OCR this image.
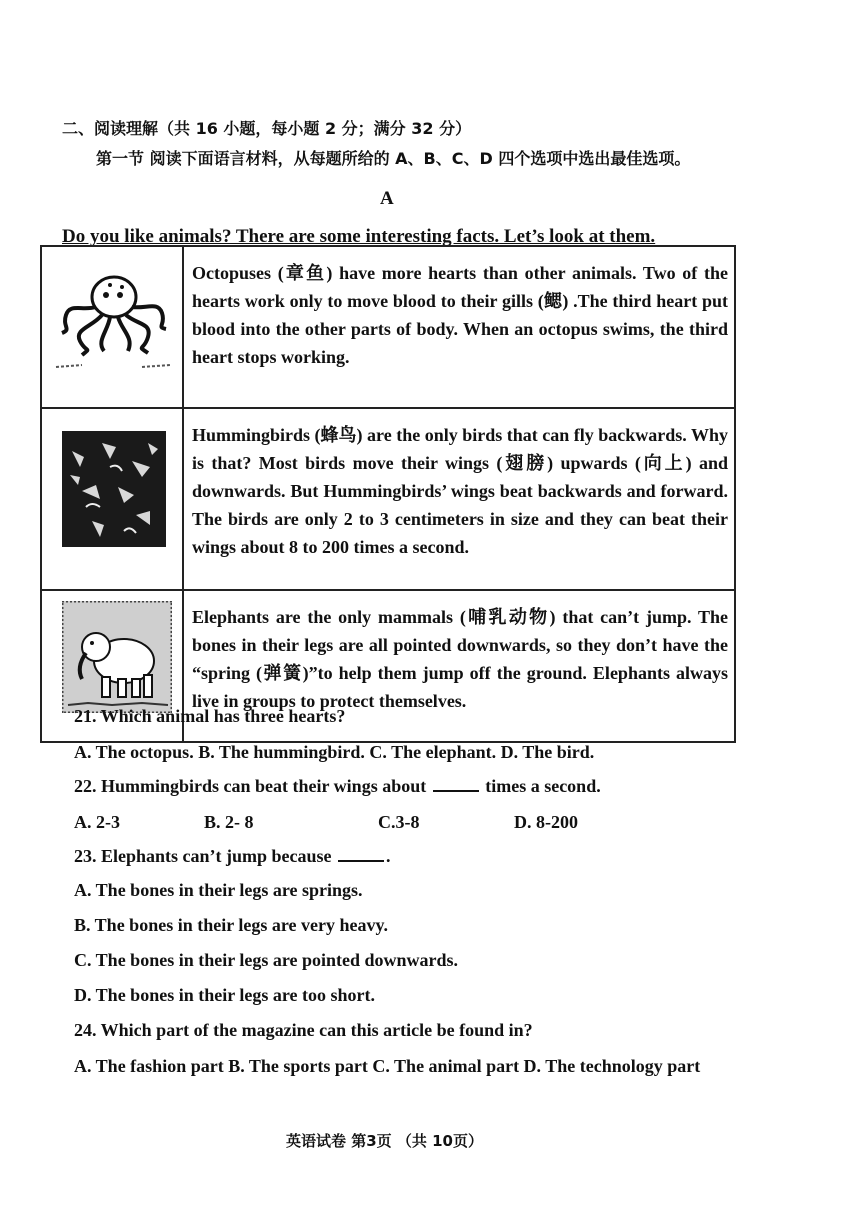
二、阅读理解（共 16 小题，每小题 2 分；满分 32 分）
第一节 阅读下面语言材料，从每题所给的 A、B、C、D 四个选项中选出最佳选项。
A
Do you like animals? There are some interesting facts. Let’s look at them.
	Octopuses (章鱼) have more hearts than other animals. Two of the hearts work only to move blood to their gills (鳃) .The third heart put blood into the other parts of body. When an octopus swims, the third heart stops working.

	Hummingbirds (蜂鸟) are the only birds that can fly backwards. Why is that? Most birds move their wings (翅膀) upwards (向上) and downwards. But Hummingbirds’ wings beat backwards and forward. The birds are only 2 to 3 centimeters in size and they can beat their wings about 8 to 200 times a second.

	Elephants are the only mammals (哺乳动物) that can’t jump. The bones in their legs are all pointed downwards, so they don’t have the “spring (弹簧)”to help them jump off the ground. Elephants always live in groups to protect themselves.
21. Which animal has three hearts?
A. The octopus. B. The hummingbird. C. The elephant. D. The bird.
22. Hummingbirds can beat their wings about	times a second.
A. 2-3	B. 2- 8	C.3-8	D. 8-200
23. Elephants can’t jump because	.
A. The bones in their legs are springs.
B. The bones in their legs are very heavy.
C. The bones in their legs are pointed downwards.
D. The bones in their legs are too short.
24. Which part of the magazine can this article be found in?
A. The fashion part B. The sports part C. The animal part D. The technology part
英语试卷 第3页 （共 10页）
